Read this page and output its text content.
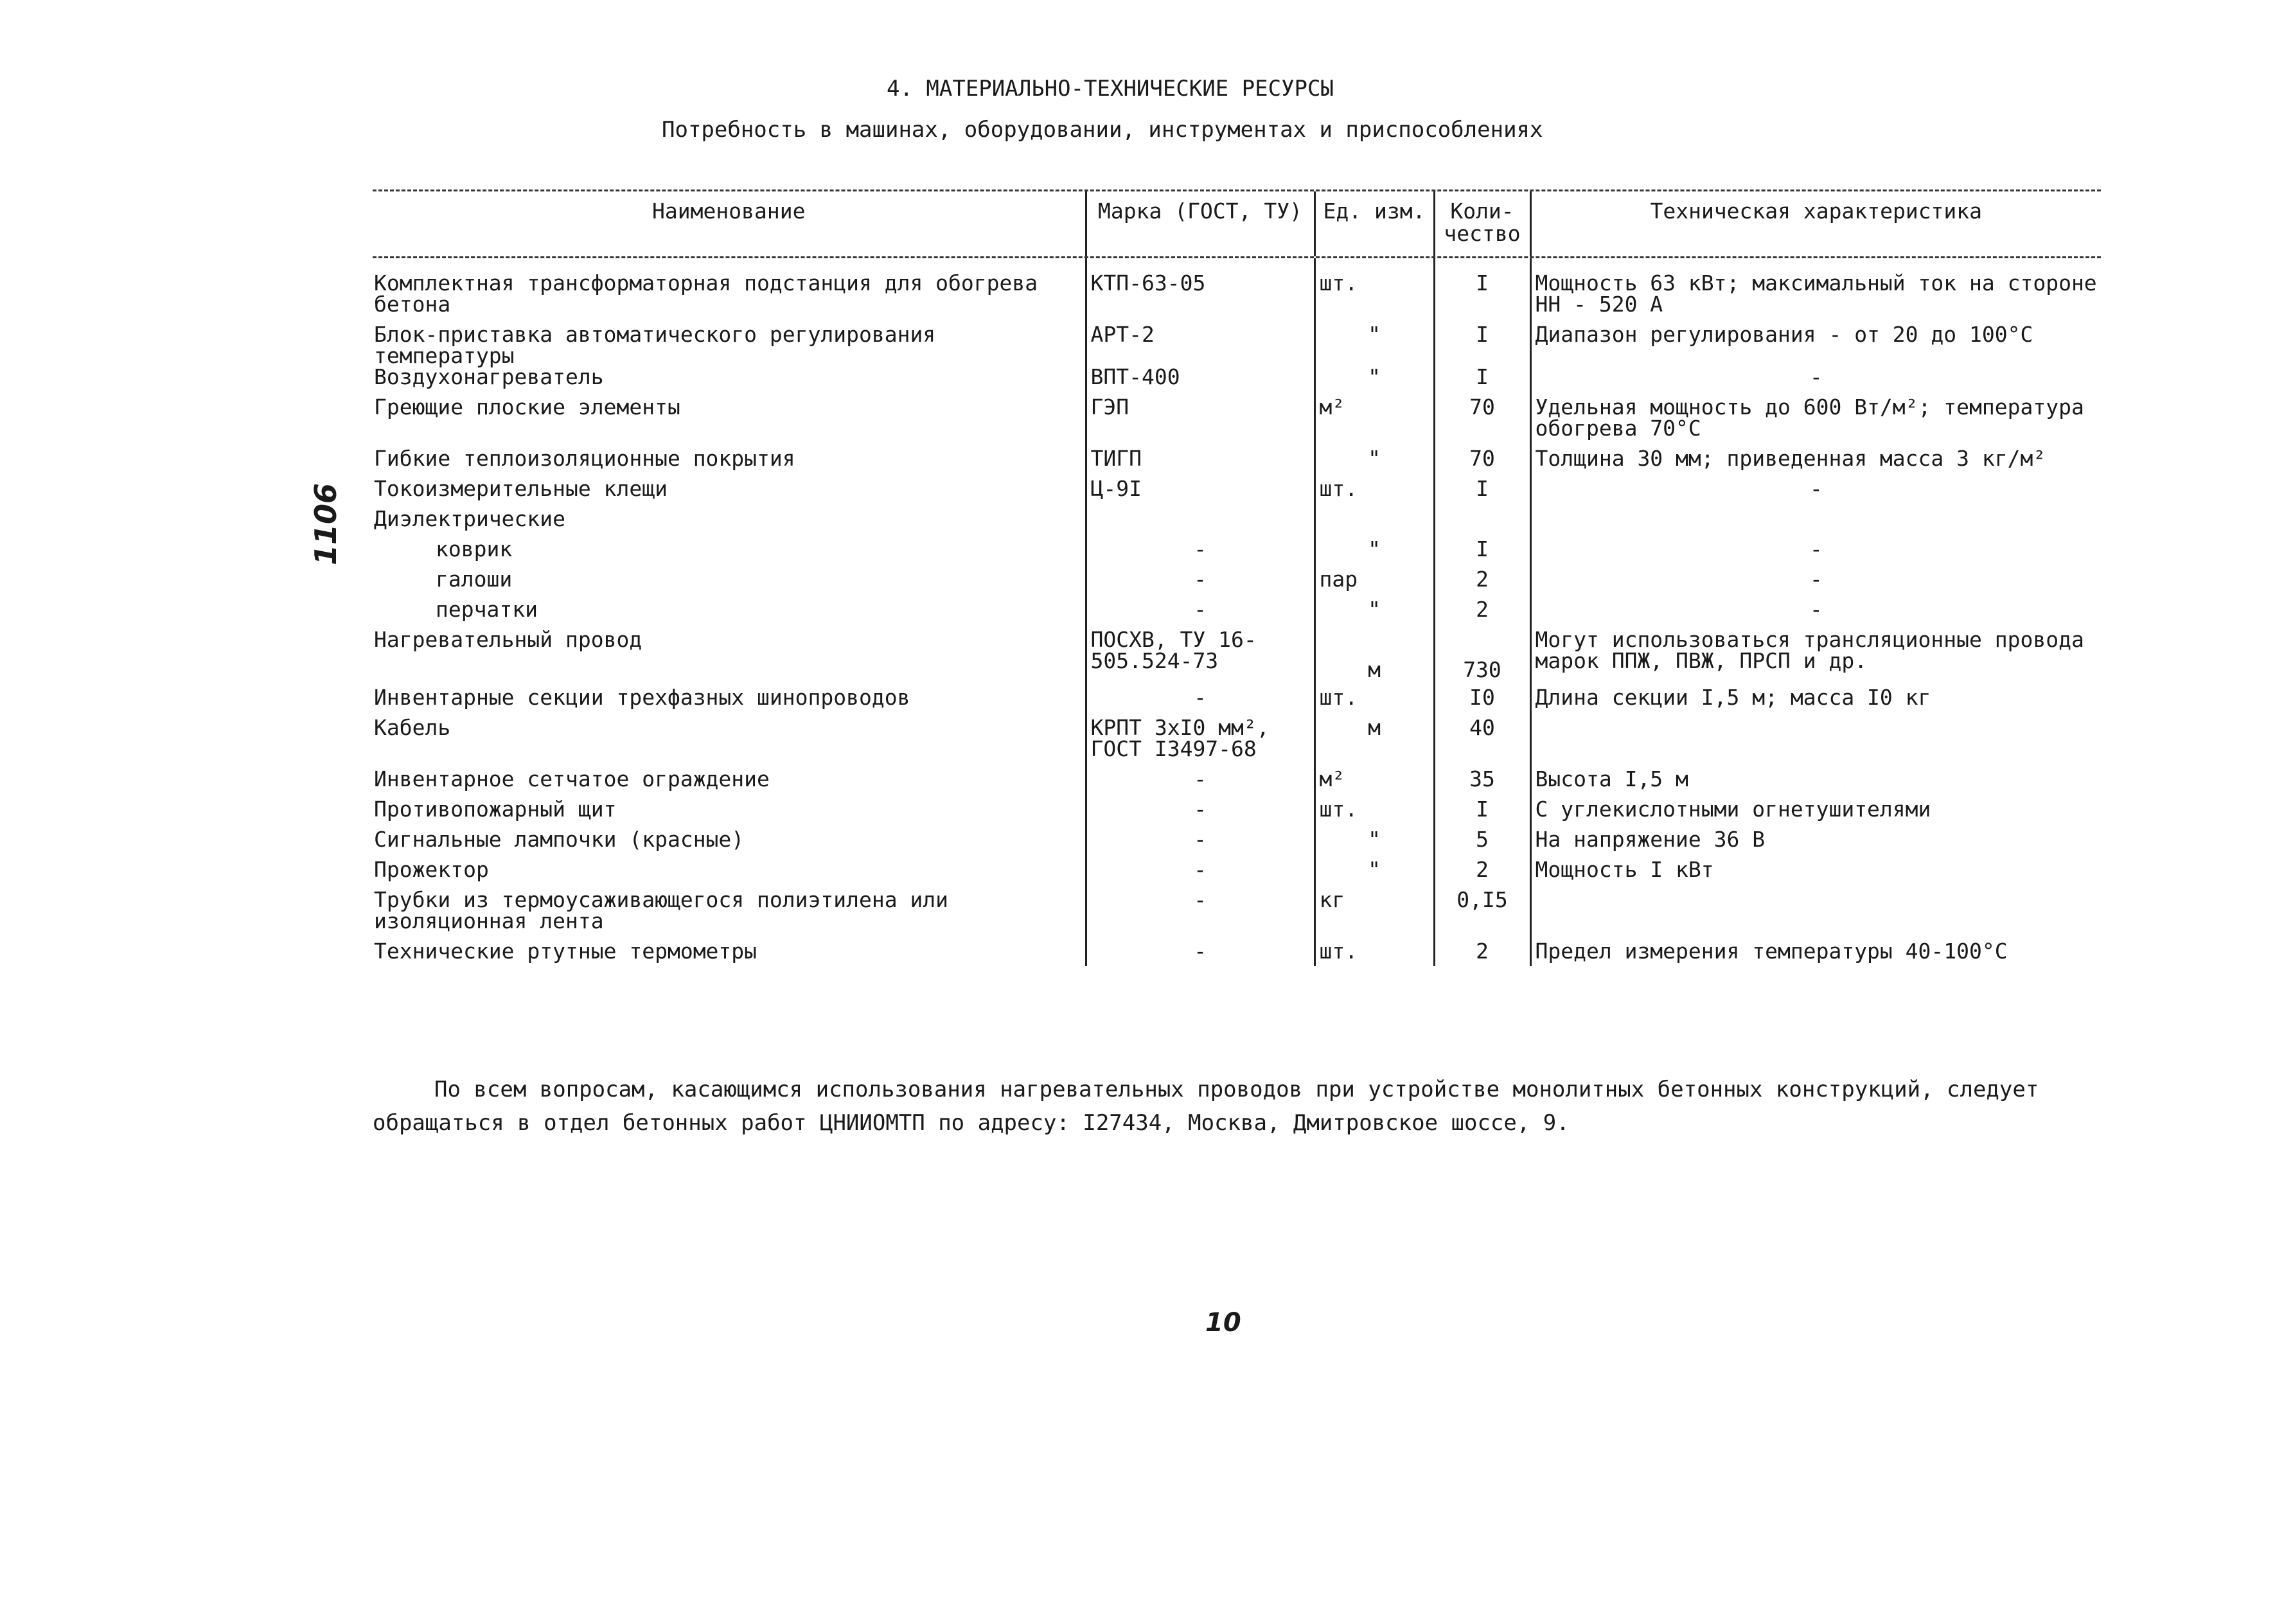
4. МАТЕРИАЛЬНО-ТЕХНИЧЕСКИЕ РЕСУРСЫ
Потребность в машинах, оборудовании, инструментах и приспособлениях
1106
Наименование	Марка (ГОСТ, ТУ)	Ед. изм.	Коли-чество	Техническая характеристика

Комплектная трансформаторная подстанция для обогрева бетона	КТП-63-05	шт.	I	Мощность 63 кВт; максимальный ток на стороне НН - 520 А
Блок-приставка автоматического регулирования температуры	АРТ-2	"	I	Диапазон регулирования - от 20 до 100°С
Воздухонагреватель	ВПТ-400	"	I	-
Греющие плоские элементы	ГЭП	м²	70	Удельная мощность до 600 Вт/м²; температура обогрева 70°С
Гибкие теплоизоляционные покрытия	ТИГП	"	70	Толщина 30 мм; приведенная масса 3 кг/м²
Токоизмерительные клещи	Ц-9I	шт.	I	-
Диэлектрические				
коврик	-	"	I	-
галоши	-	пар	2	-
перчатки	-	"	2	-
Нагревательный провод	ПОСХВ, ТУ 16-505.524-73	м	730	Могут использоваться трансляционные провода марок ППЖ, ПВЖ, ПРСП и др.
Инвентарные секции трехфазных шинопроводов	-	шт.	I0	Длина секции I,5 м; масса I0 кг
Кабель	КРПТ 3хI0 мм², ГОСТ I3497-68	м	40	
Инвентарное сетчатое ограждение	-	м²	35	Высота I,5 м
Противопожарный щит	-	шт.	I	С углекислотными огнетушителями
Сигнальные лампочки (красные)	-	"	5	На напряжение 36 В
Прожектор	-	"	2	Мощность I кВт
Трубки из термоусаживающегося полиэтилена или изоляционная лента	-	кг	0,I5	
Технические ртутные термометры	-	шт.	2	Предел измерения температуры 40-100°С

По всем вопросам, касающимся использования нагревательных проводов при устройстве монолитных бетонных конструкций, следует обращаться в отдел бетонных работ ЦНИИОМТП по адресу: I27434, Москва, Дмитровское шоссе, 9.

10
